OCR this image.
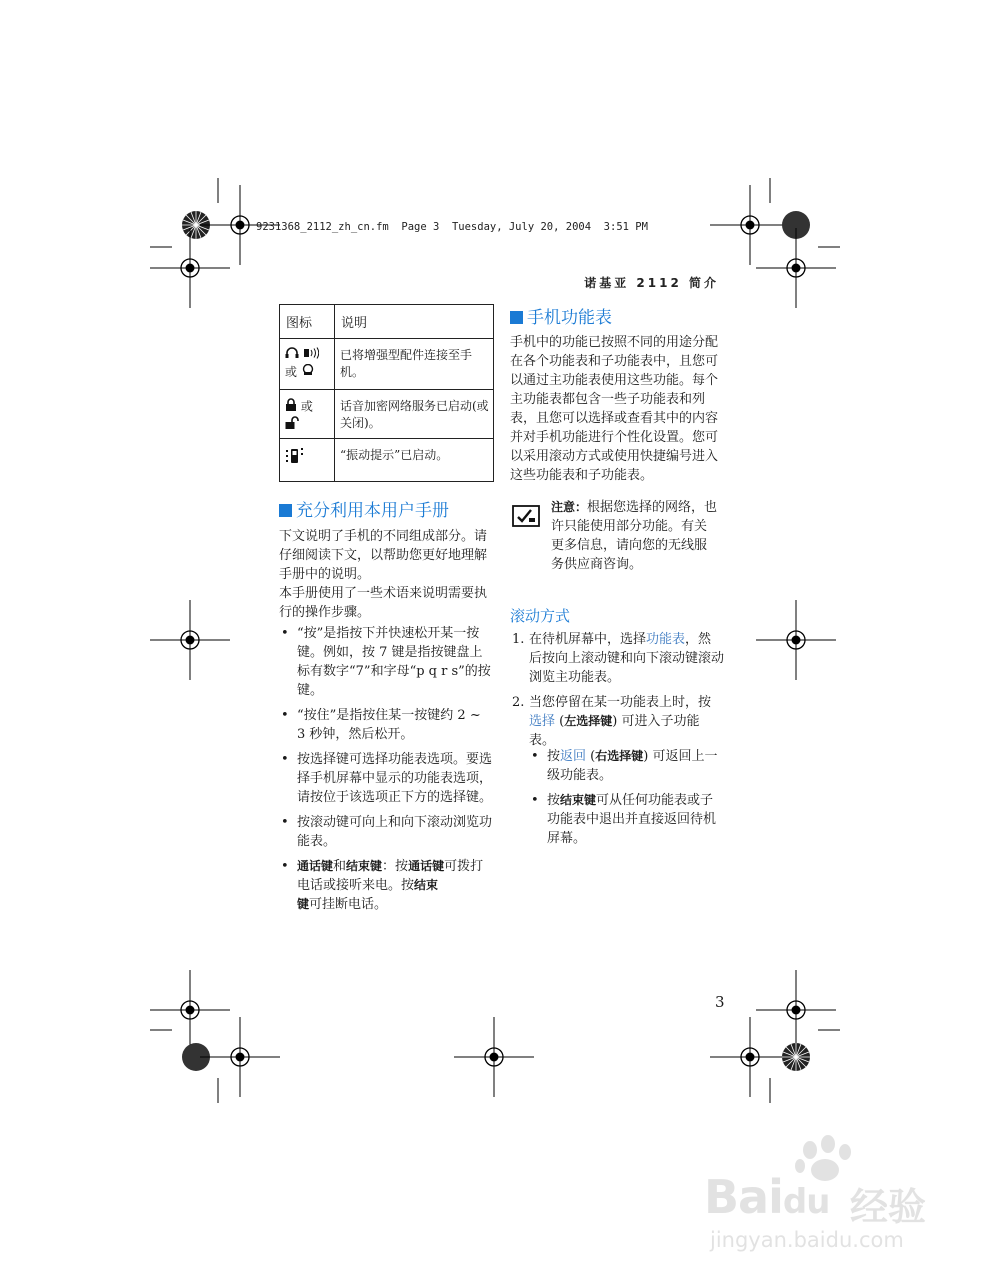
9231368_2112_zh_cn.fm  Page 3  Tuesday, July 20, 2004  3:51 PM
诺基亚 2112 简介
图标	说明

或	已将增强型配件连接至手机。
或	话音加密网络服务已启动(或关闭)。
	“振动提示”已启动。
充分利用本用户手册
下文说明了手机的不同组成部分。请仔细阅读下文，以帮助您更好地理解手册中的说明。
本手册使用了一些术语来说明需要执行的操作步骤。
• “按”是指按下并快速松开某一按键。例如，按 7 键是指按键盘上标有数字“7”和字母“p q r s”的按键。
• “按住”是指按住某一按键约 2 ~ 3 秒钟，然后松开。
• 按选择键可选择功能表选项。要选择手机屏幕中显示的功能表选项，请按位于该选项正下方的选择键。
• 按滚动键可向上和向下滚动浏览功能表。
• 通话键和结束键：按通话键可拨打电话或接听来电。按结束
键可挂断电话。
手机功能表
手机中的功能已按照不同的用途分配在各个功能表和子功能表中，且您可以通过主功能表使用这些功能。每个主功能表都包含一些子功能表和列表，且您可以选择或查看其中的内容并对手机功能进行个性化设置。您可以采用滚动方式或使用快捷编号进入这些功能表和子功能表。
注意：根据您选择的网络，也许只能使用部分功能。有关更多信息，请向您的无线服务供应商咨询。
滚动方式
1. 在待机屏幕中，选择功能表，然后按向上滚动键和向下滚动键滚动浏览主功能表。
2. 当您停留在某一功能表上时，按选择 (左选择键) 可进入子功能表。
• 按返回 (右选择键) 可返回上一级功能表。
• 按结束键可从任何功能表或子功能表中退出并直接返回待机屏幕。
3
Baidu 经验
jingyan.baidu.com
